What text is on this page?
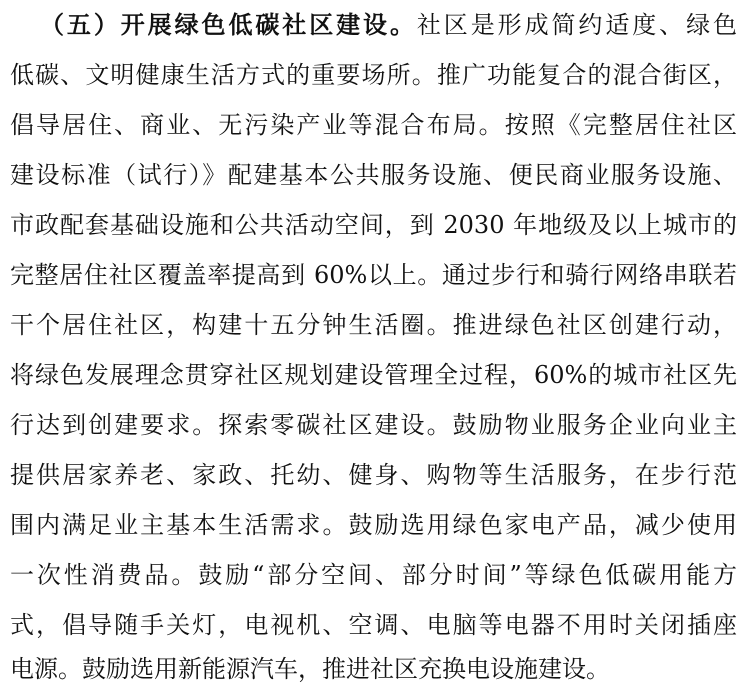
（五）开展绿色低碳社区建设。社区是形成简约适度、绿色
低碳、文明健康生活方式的重要场所。推广功能复合的混合街区，
倡导居住、商业、无污染产业等混合布局。按照《完整居住社区
建设标准（试行）》配建基本公共服务设施、便民商业服务设施、
市政配套基础设施和公共活动空间，到 2030 年地级及以上城市的
完整居住社区覆盖率提高到 60%以上。通过步行和骑行网络串联若
干个居住社区，构建十五分钟生活圈。推进绿色社区创建行动，
将绿色发展理念贯穿社区规划建设管理全过程，60%的城市社区先
行达到创建要求。探索零碳社区建设。鼓励物业服务企业向业主
提供居家养老、家政、托幼、健身、购物等生活服务，在步行范
围内满足业主基本生活需求。鼓励选用绿色家电产品，减少使用
一次性消费品。鼓励“部分空间、部分时间”等绿色低碳用能方
式，倡导随手关灯，电视机、空调、电脑等电器不用时关闭插座
电源。鼓励选用新能源汽车，推进社区充换电设施建设。
